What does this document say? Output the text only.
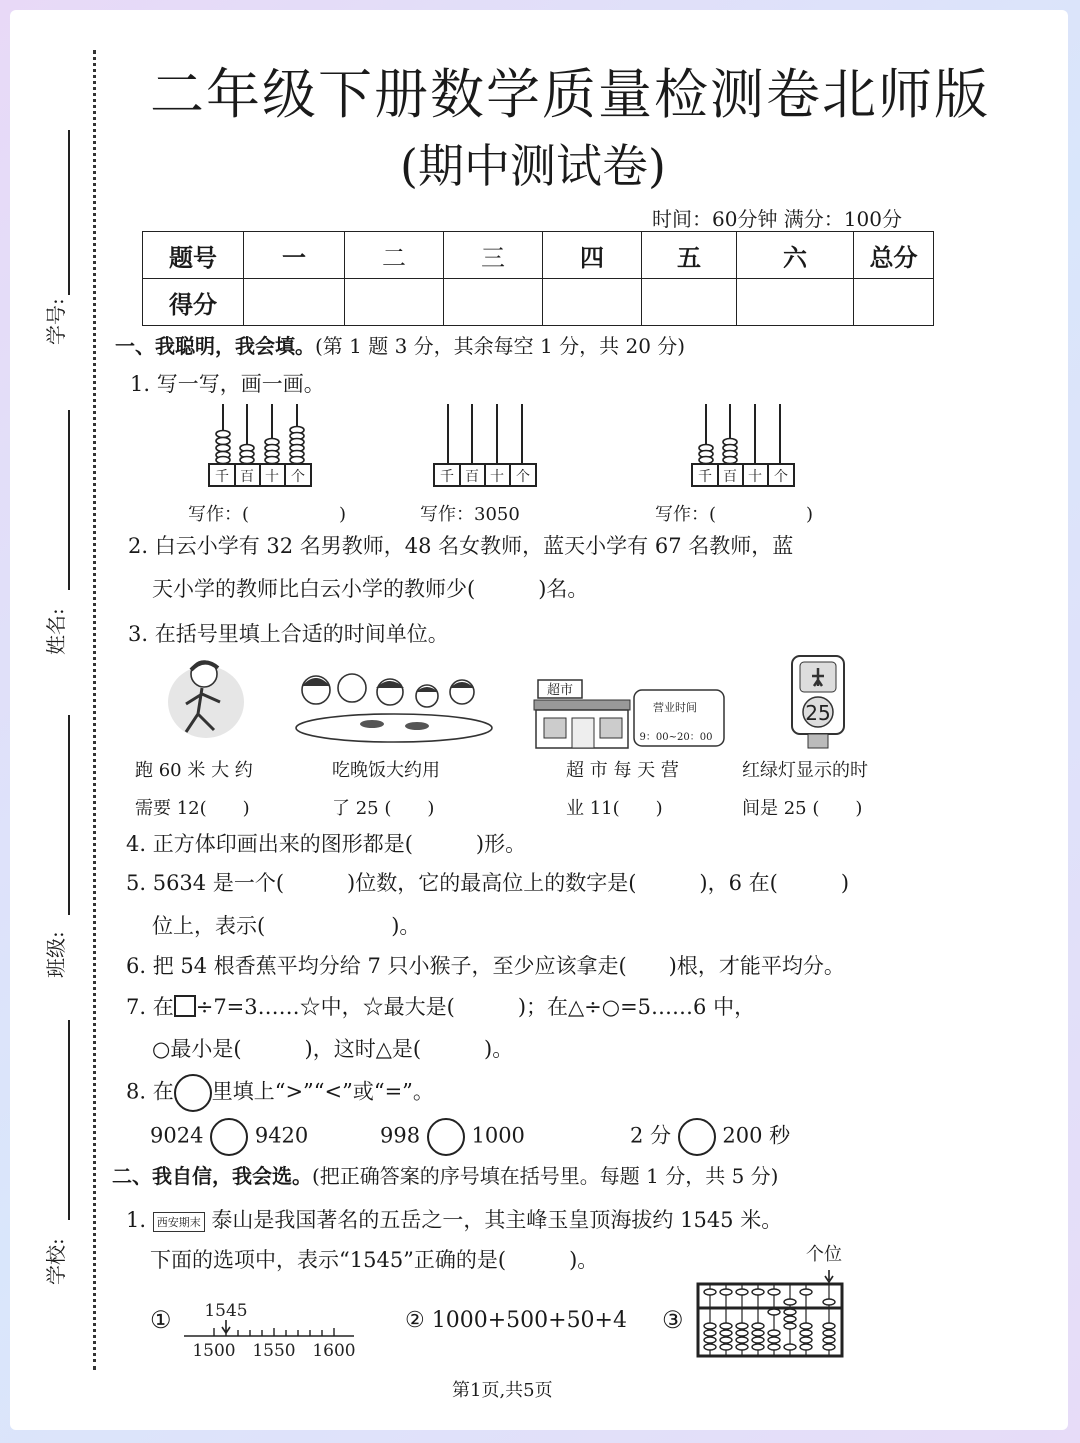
学号:
姓名:
班级:
学校:
二年级下册数学质量检测卷北师版
(期中测试卷)
时间：60分钟 满分：100分
题号	一	二	三	四	五	六	总分
得分							
一、我聪明，我会填。(第 1 题 3 分，其余每空 1 分，共 20 分)
1. 写一写，画一画。
千 百 十 个	千 百 十 个	千 百 十 个
写作：(　　　　　)	写作：3050	写作：(　　　　　)
2. 白云小学有 32 名男教师，48 名女教师，蓝天小学有 67 名教师，蓝
天小学的教师比白云小学的教师少(　　　)名。
3. 在括号里填上合适的时间单位。
超市
营业时间
9：00~20：00
25
跑 60 米 大 约
需要 12(　　)
吃晚饭大约用
了 25 (　　)
超 市 每 天 营
业 11(　　)
红绿灯显示的时
间是 25 (　　)
4. 正方体印画出来的图形都是(　　　)形。
5. 5634 是一个(　　　)位数，它的最高位上的数字是(　　　)，6 在(　　　)
位上，表示(　　　　　　)。
6. 把 54 根香蕉平均分给 7 只小猴子，至少应该拿走(　　)根，才能平均分。
7. 在 ÷7=3……☆中，☆最大是(　　　)；在△÷○=5……6 中，
○最小是(　　　)，这时△是(　　　)。
8. 在 里填上“>”“<”或“=”。
9024 9420	998 1000	2 分 200 秒
二、我自信，我会选。(把正确答案的序号填在括号里。每题 1 分，共 5 分)
1. 西安期末 泰山是我国著名的五岳之一，其主峰玉皇顶海拔约 1545 米。
下面的选项中，表示“1545”正确的是(　　　)。	个位
① 1545
1500 1550 1600
② 1000+500+50+4 ③
第1页,共5页
